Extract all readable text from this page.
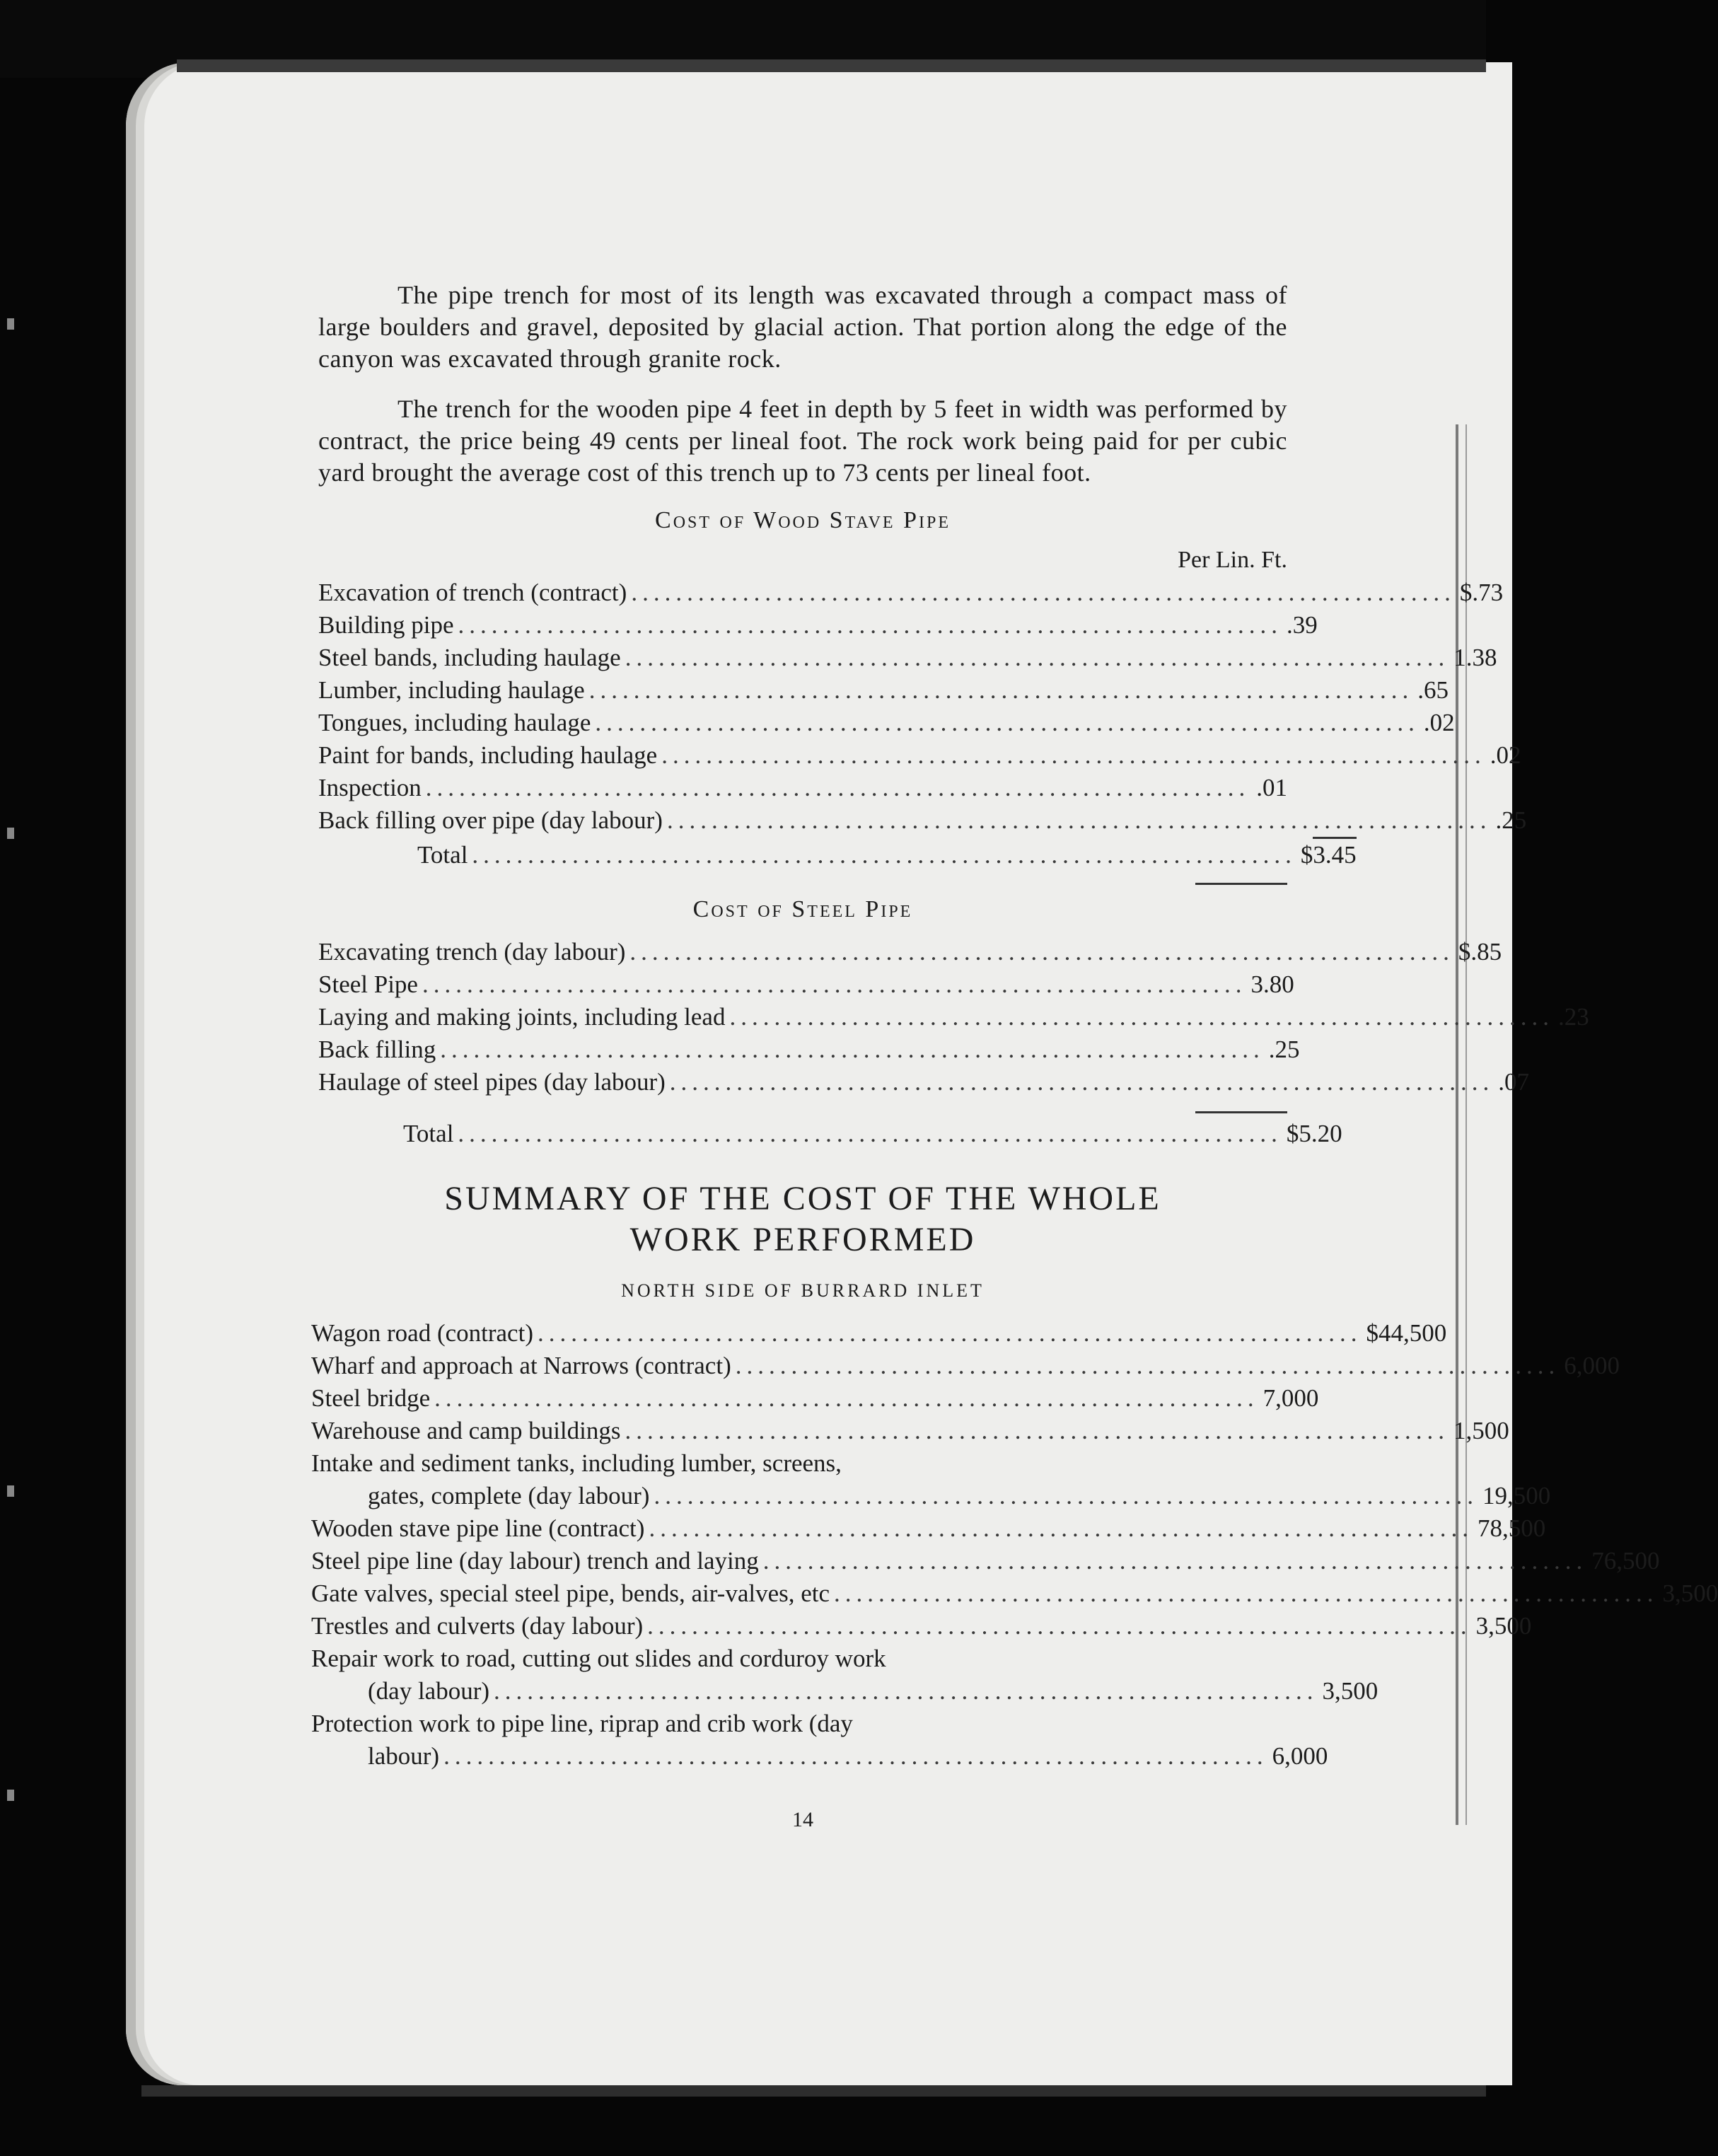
The pipe trench for most of its length was excavated through a compact mass of large boulders and gravel, deposited by glacial action. That portion along the edge of the canyon was excavated through granite rock.

The trench for the wooden pipe 4 feet in depth by 5 feet in width was performed by contract, the price being 49 cents per lineal foot. The rock work being paid for per cubic yard brought the average cost of this trench up to 73 cents per lineal foot.

Cost of Wood Stave Pipe
Per Lin. Ft.
Excavation of trench (contract) .......................................................................... $ .73
Building pipe .......................................................................... .39
Steel bands, including haulage .......................................................................... 1.38
Lumber, including haulage .......................................................................... .65
Tongues, including haulage .......................................................................... .02
Paint for bands, including haulage .......................................................................... .02
Inspection .......................................................................... .01
Back filling over pipe (day labour) .......................................................................... .25
Total .......................................................................... $ 3.45
Cost of Steel Pipe
Excavating trench (day labour) .......................................................................... $ .85
Steel Pipe .......................................................................... 3.80
Laying and making joints, including lead .......................................................................... .23
Back filling .......................................................................... .25
Haulage of steel pipes (day labour) .......................................................................... .07
Total .......................................................................... $ 5.20
SUMMARY OF THE COST OF THE WHOLE
WORK PERFORMED
NORTH SIDE OF BURRARD INLET
Wagon road (contract) .......................................................................... $44,500
Wharf and approach at Narrows (contract) .......................................................................... 6,000
Steel bridge .......................................................................... 7,000
Warehouse and camp buildings .......................................................................... 1,500
Intake and sediment tanks, including lumber, screens,
gates, complete (day labour) .......................................................................... 19,500
Wooden stave pipe line (contract) .......................................................................... 78,500
Steel pipe line (day labour) trench and laying .......................................................................... 76,500
Gate valves, special steel pipe, bends, air-valves, etc .......................................................................... 3,500
Trestles and culverts (day labour) .......................................................................... 3,500
Repair work to road, cutting out slides and corduroy work
(day labour) .......................................................................... 3,500
Protection work to pipe line, riprap and crib work (day
labour) .......................................................................... 6,000
14
